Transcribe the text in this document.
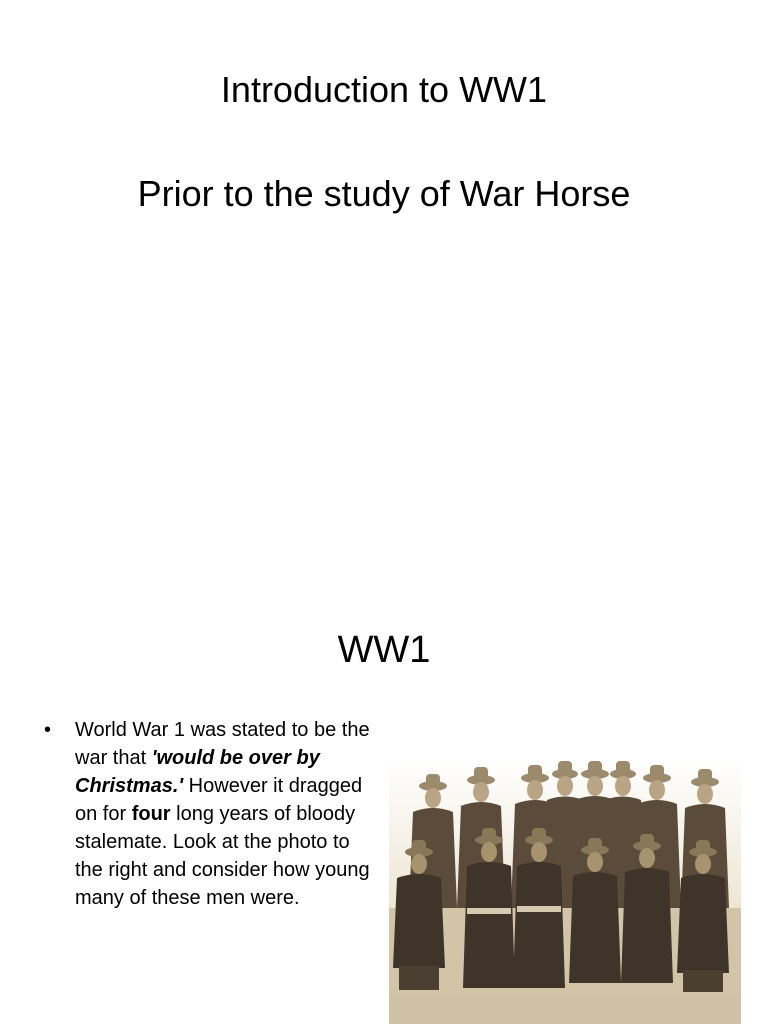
Introduction to WW1
Prior to the study of War Horse
WW1
• World War 1 was stated to be the war that 'would be over by Christmas.' However it dragged on for four long years of bloody stalemate. Look at the photo to the right and consider how young many of these men were.
